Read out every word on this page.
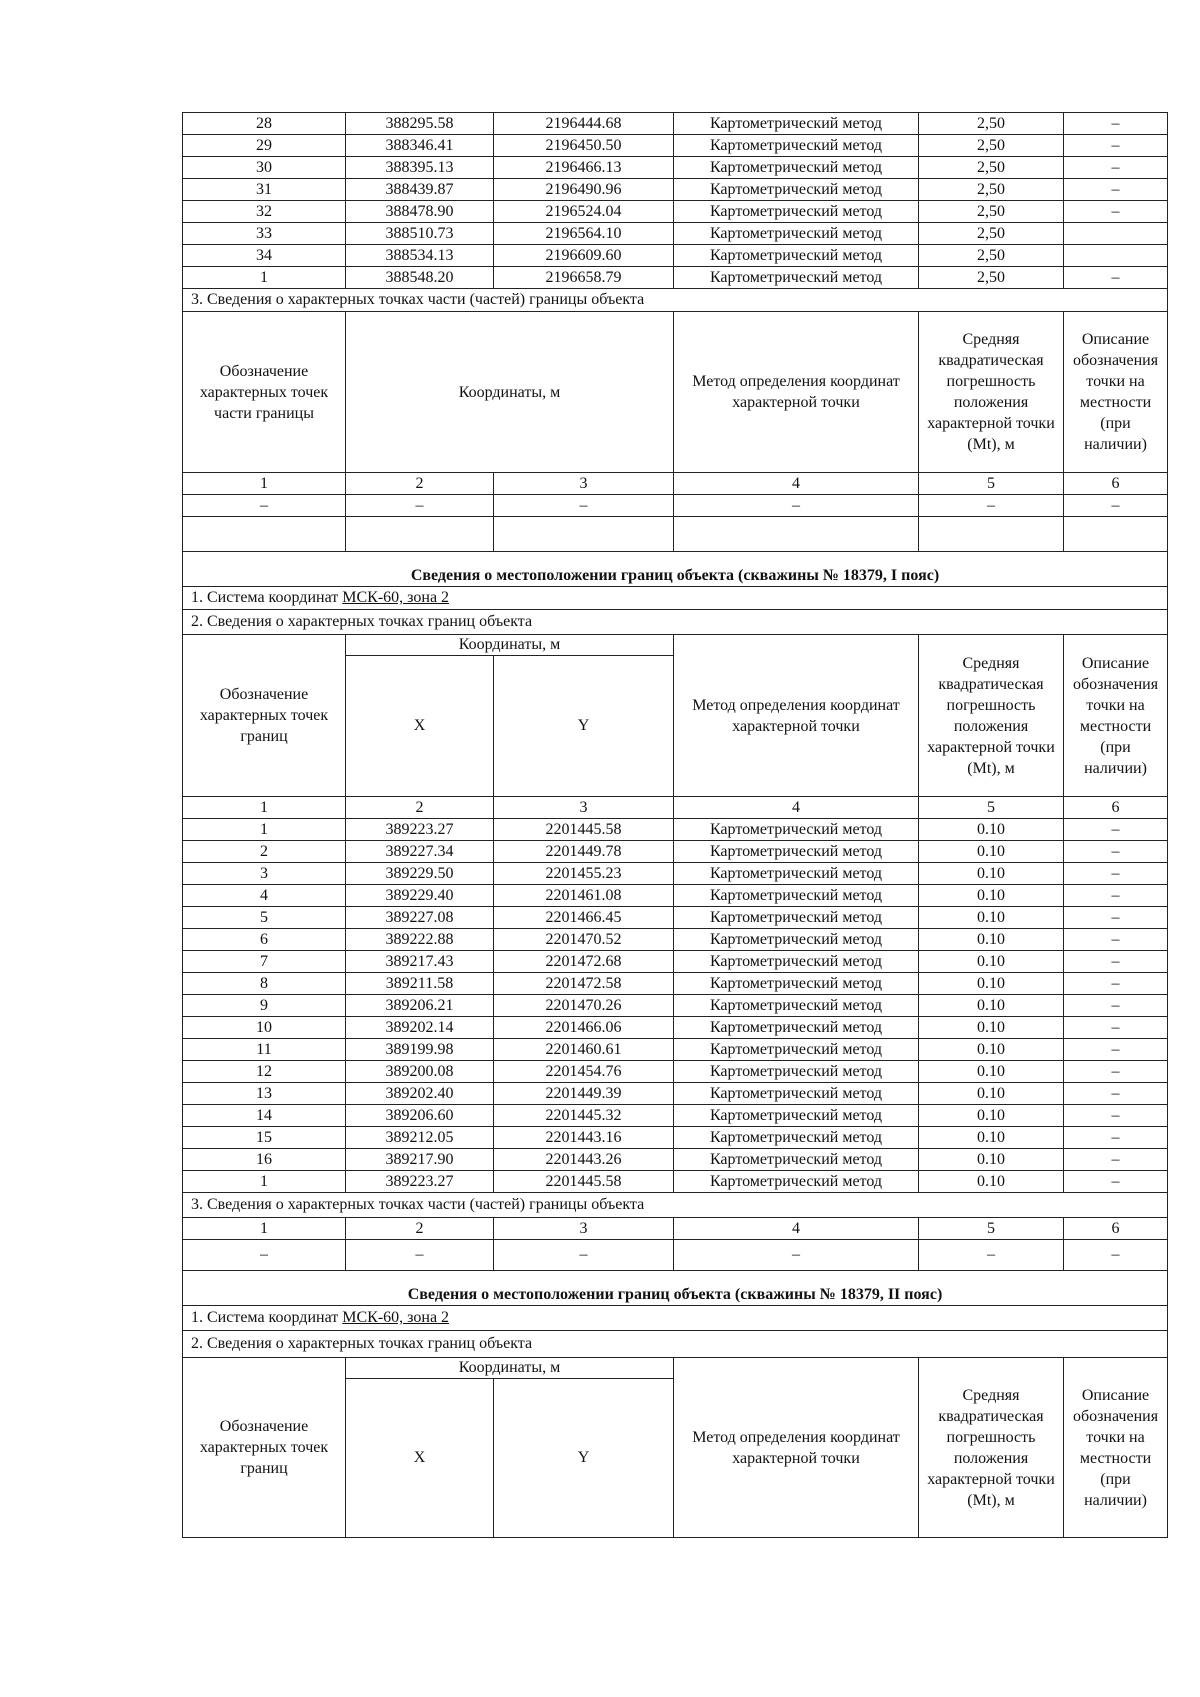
28	388295.58	2196444.68	Картометрический метод	2,50	–
29	388346.41	2196450.50	Картометрический метод	2,50	–
30	388395.13	2196466.13	Картометрический метод	2,50	–
31	388439.87	2196490.96	Картометрический метод	2,50	–
32	388478.90	2196524.04	Картометрический метод	2,50	–
33	388510.73	2196564.10	Картометрический метод	2,50	
34	388534.13	2196609.60	Картометрический метод	2,50	
1	388548.20	2196658.79	Картометрический метод	2,50	–
3. Сведения о характерных точках части (частей) границы объекта					
Обозначение характерных точек части границы	Координаты, м		Метод определения координат характерной точки	Средняя квадратическая погрешность положения характерной точки (Mt), м	Описание обозначения точки на местности (при наличии)
1	2	3	4	5	6
–	–	–	–	–	–

Сведения о местоположении границ объекта (скважины № 18379, I пояс)					
1. Система координат МСК-60, зона 2					
2. Сведения о характерных точках границ объекта					
Обозначение характерных точек границ	Координаты, м		Метод определения координат характерной точки	Средняя квадратическая погрешность положения характерной точки (Mt), м	Описание обозначения точки на местности (при наличии)
	X	Y			
1	2	3	4	5	6
1	389223.27	2201445.58	Картометрический метод	0.10	–
2	389227.34	2201449.78	Картометрический метод	0.10	–
3	389229.50	2201455.23	Картометрический метод	0.10	–
4	389229.40	2201461.08	Картометрический метод	0.10	–
5	389227.08	2201466.45	Картометрический метод	0.10	–
6	389222.88	2201470.52	Картометрический метод	0.10	–
7	389217.43	2201472.68	Картометрический метод	0.10	–
8	389211.58	2201472.58	Картометрический метод	0.10	–
9	389206.21	2201470.26	Картометрический метод	0.10	–
10	389202.14	2201466.06	Картометрический метод	0.10	–
11	389199.98	2201460.61	Картометрический метод	0.10	–
12	389200.08	2201454.76	Картометрический метод	0.10	–
13	389202.40	2201449.39	Картометрический метод	0.10	–
14	389206.60	2201445.32	Картометрический метод	0.10	–
15	389212.05	2201443.16	Картометрический метод	0.10	–
16	389217.90	2201443.26	Картометрический метод	0.10	–
1	389223.27	2201445.58	Картометрический метод	0.10	–
3. Сведения о характерных точках части (частей) границы объекта					
1	2	3	4	5	6
–	–	–	–	–	–
Сведения о местоположении границ объекта (скважины № 18379, II пояс)					
1. Система координат МСК-60, зона 2					
2. Сведения о характерных точках границ объекта					
Обозначение характерных точек границ	Координаты, м		Метод определения координат характерной точки	Средняя квадратическая погрешность положения характерной точки (Mt), м	Описание обозначения точки на местности (при наличии)
	X	Y			
